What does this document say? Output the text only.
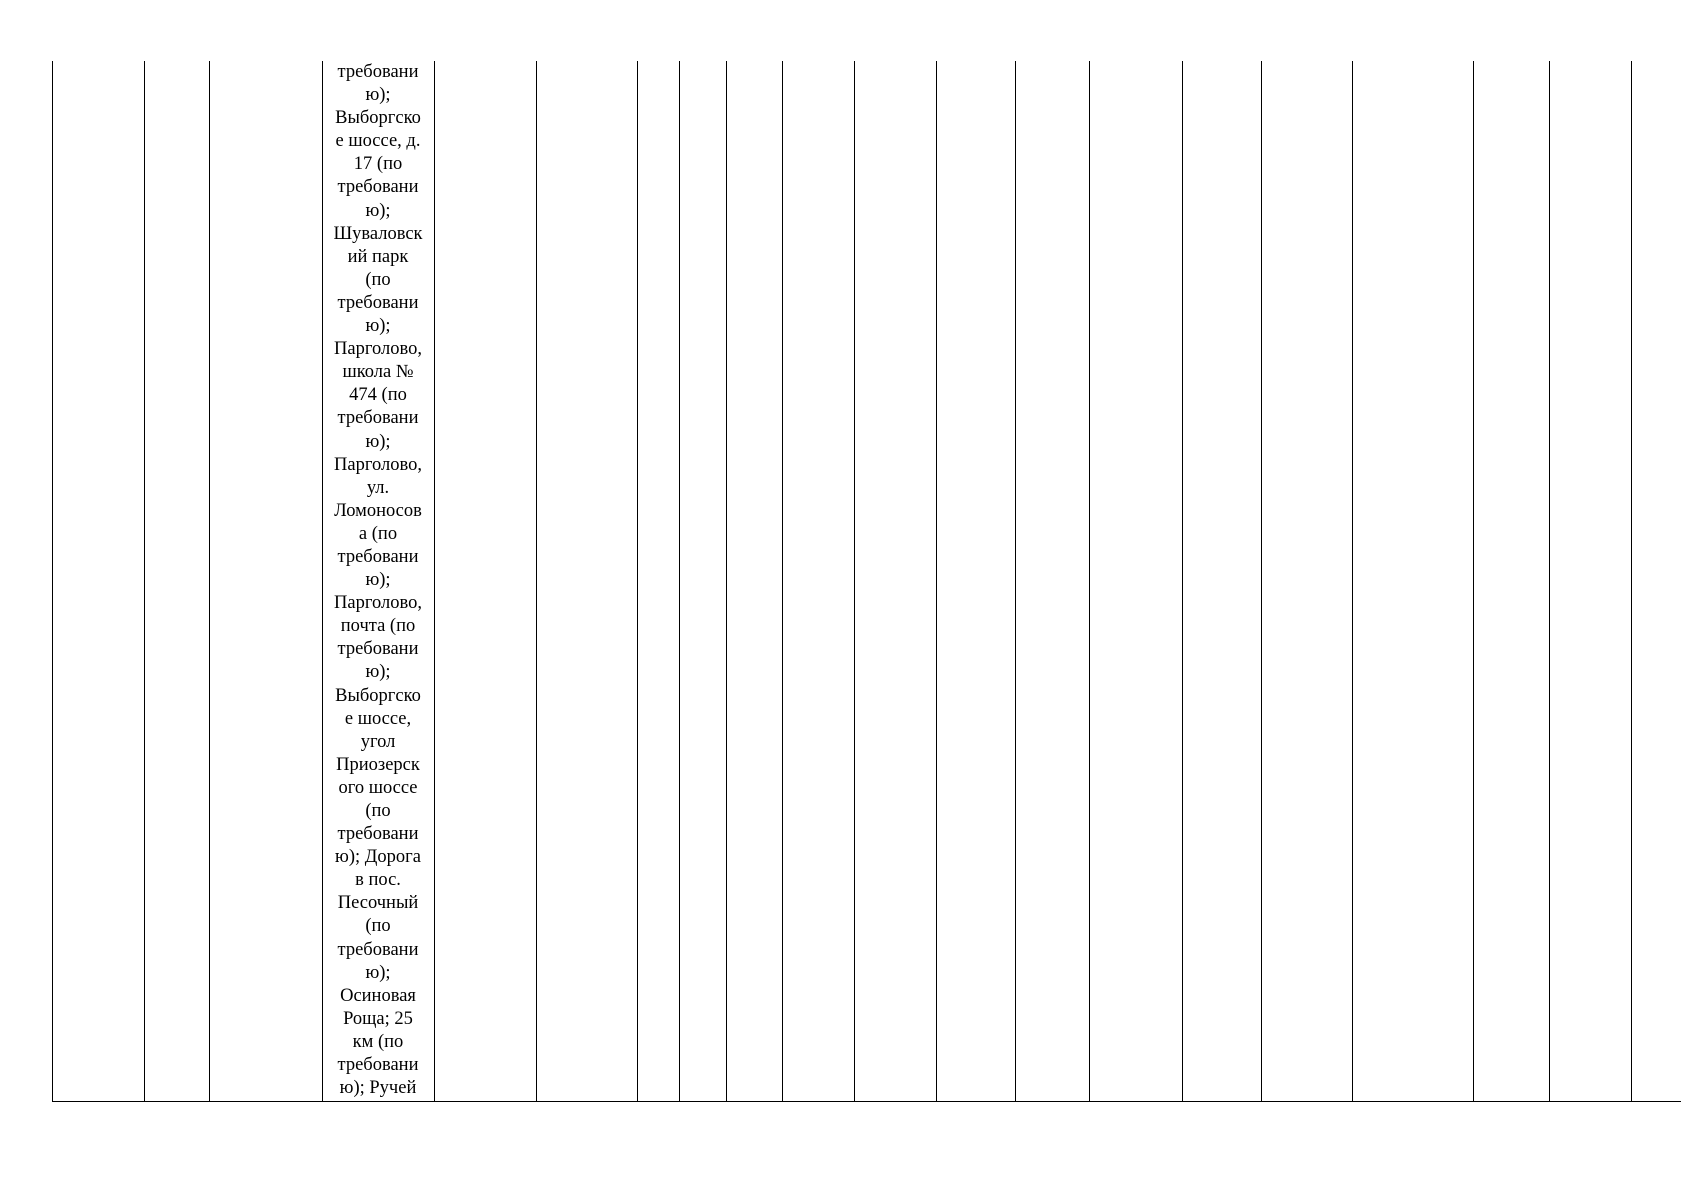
требовани
ю);
Выборгско
е шоссе, д.
17 (по
требовани
ю);
Шуваловск
ий парк
(по
требовани
ю);
Парголово,
школа №
474 (по
требовани
ю);
Парголово,
ул.
Ломоносов
а (по
требовани
ю);
Парголово,
почта (по
требовани
ю);
Выборгско
е шоссе,
угол
Приозерск
ого шоссе
(по
требовани
ю); Дорога
в пос.
Песочный
(по
требовани
ю);
Осиновая
Роща; 25
км (по
требовани
ю); Ручей
